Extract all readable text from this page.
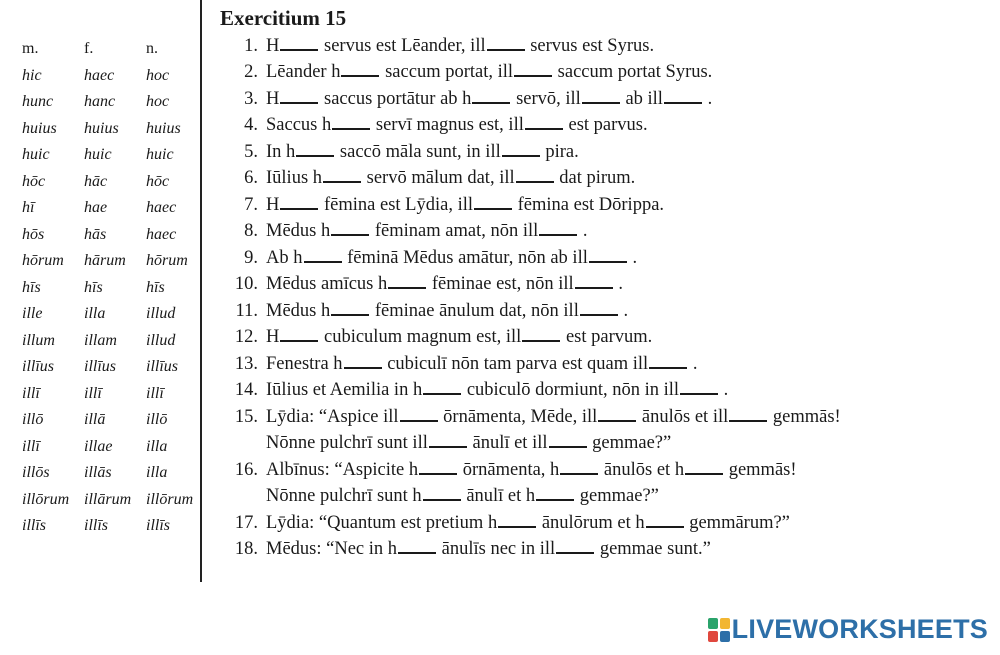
m.	f.	n.
hic	haec	hoc
hunc	hanc	hoc
huius	huius	huius
huic	huic	huic
hōc	hāc	hōc
hī	hae	haec
hōs	hās	haec
hōrum	hārum	hōrum
hīs	hīs	hīs
ille	illa	illud
illum	illam	illud
illīus	illīus	illīus
illī	illī	illī
illō	illā	illō
illī	illae	illa
illōs	illās	illa
illōrum illārum illōrum
illīs	illīs	illīs
Exercitium 15
1. H servus est Lēander, ill servus est Syrus.
2. Lēander h saccum portat, ill saccum portat Syrus.
3. H saccus portātur ab h servō, ill ab ill .
4. Saccus h servī magnus est, ill est parvus.
5. In h saccō māla sunt, in ill pira.
6. Iūlius h servō mālum dat, ill dat pirum.
7. H fēmina est Lȳdia, ill fēmina est Dōrippa.
8. Mēdus h fēminam amat, nōn ill .
9. Ab h fēminā Mēdus amātur, nōn ab ill .
10. Mēdus amīcus h fēminae est, nōn ill .
11. Mēdus h fēminae ānulum dat, nōn ill .
12. H cubiculum magnum est, ill est parvum.
13. Fenestra h cubiculī nōn tam parva est quam ill .
14. Iūlius et Aemilia in h cubiculō dormiunt, nōn in ill .
15. Lȳdia: “Aspice ill ōrnāmenta, Mēde, ill ānulōs et ill gemmās!
Nōnne pulchrī sunt ill ānulī et ill gemmae?”
16. Albīnus: “Aspicite h ōrnāmenta, h ānulōs et h gemmās!
Nōnne pulchrī sunt h ānulī et h gemmae?”
17. Lȳdia: “Quantum est pretium h ānulōrum et h gemmārum?”
18. Mēdus: “Nec in h ānulīs nec in ill gemmae sunt.”
LIVEWORKSHEETS
